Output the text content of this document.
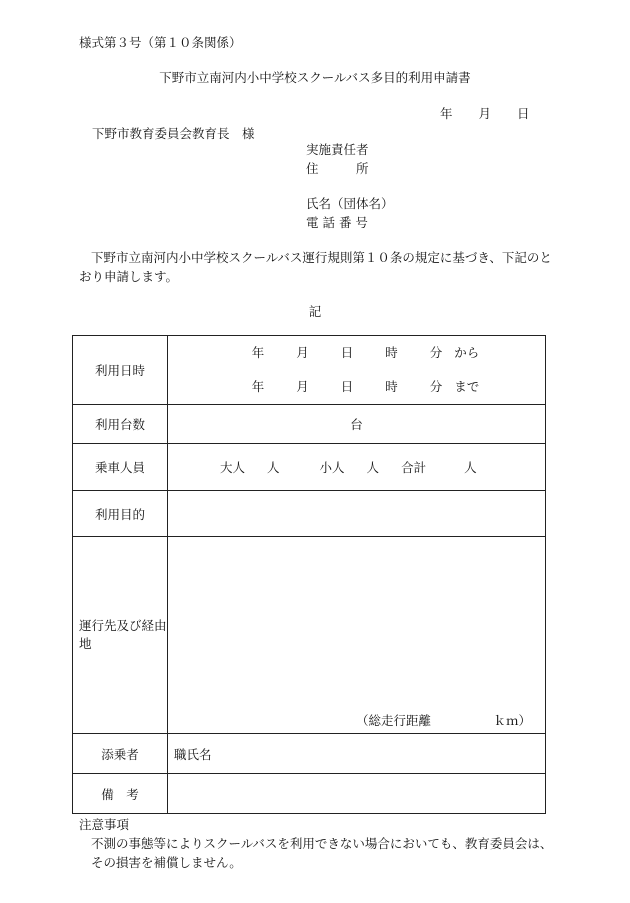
様式第３号（第１０条関係）
下野市立南河内小中学校スクールバス多目的利用申請書
年 月 日
下野市教育委員会教育長　様
実施責任者
住　　　所
氏名（団体名）
電 話 番 号
下野市立南河内小中学校スクールバス運行規則第１０条の規定に基づき、下記のとおり申請します。
記
利用日時	年 月 日 時 分 から
年 月 日 時 分 まで

利用台数	台
乗車人員	大人 人 小人 人 合計 人
利用目的	
運行先及び経由地	（総走行距離　　　　　ｋｍ）

添乗者	職氏名
備　考	
注意事項
不測の事態等によりスクールバスを利用できない場合においても、教育委員会は、その損害を補償しません。
